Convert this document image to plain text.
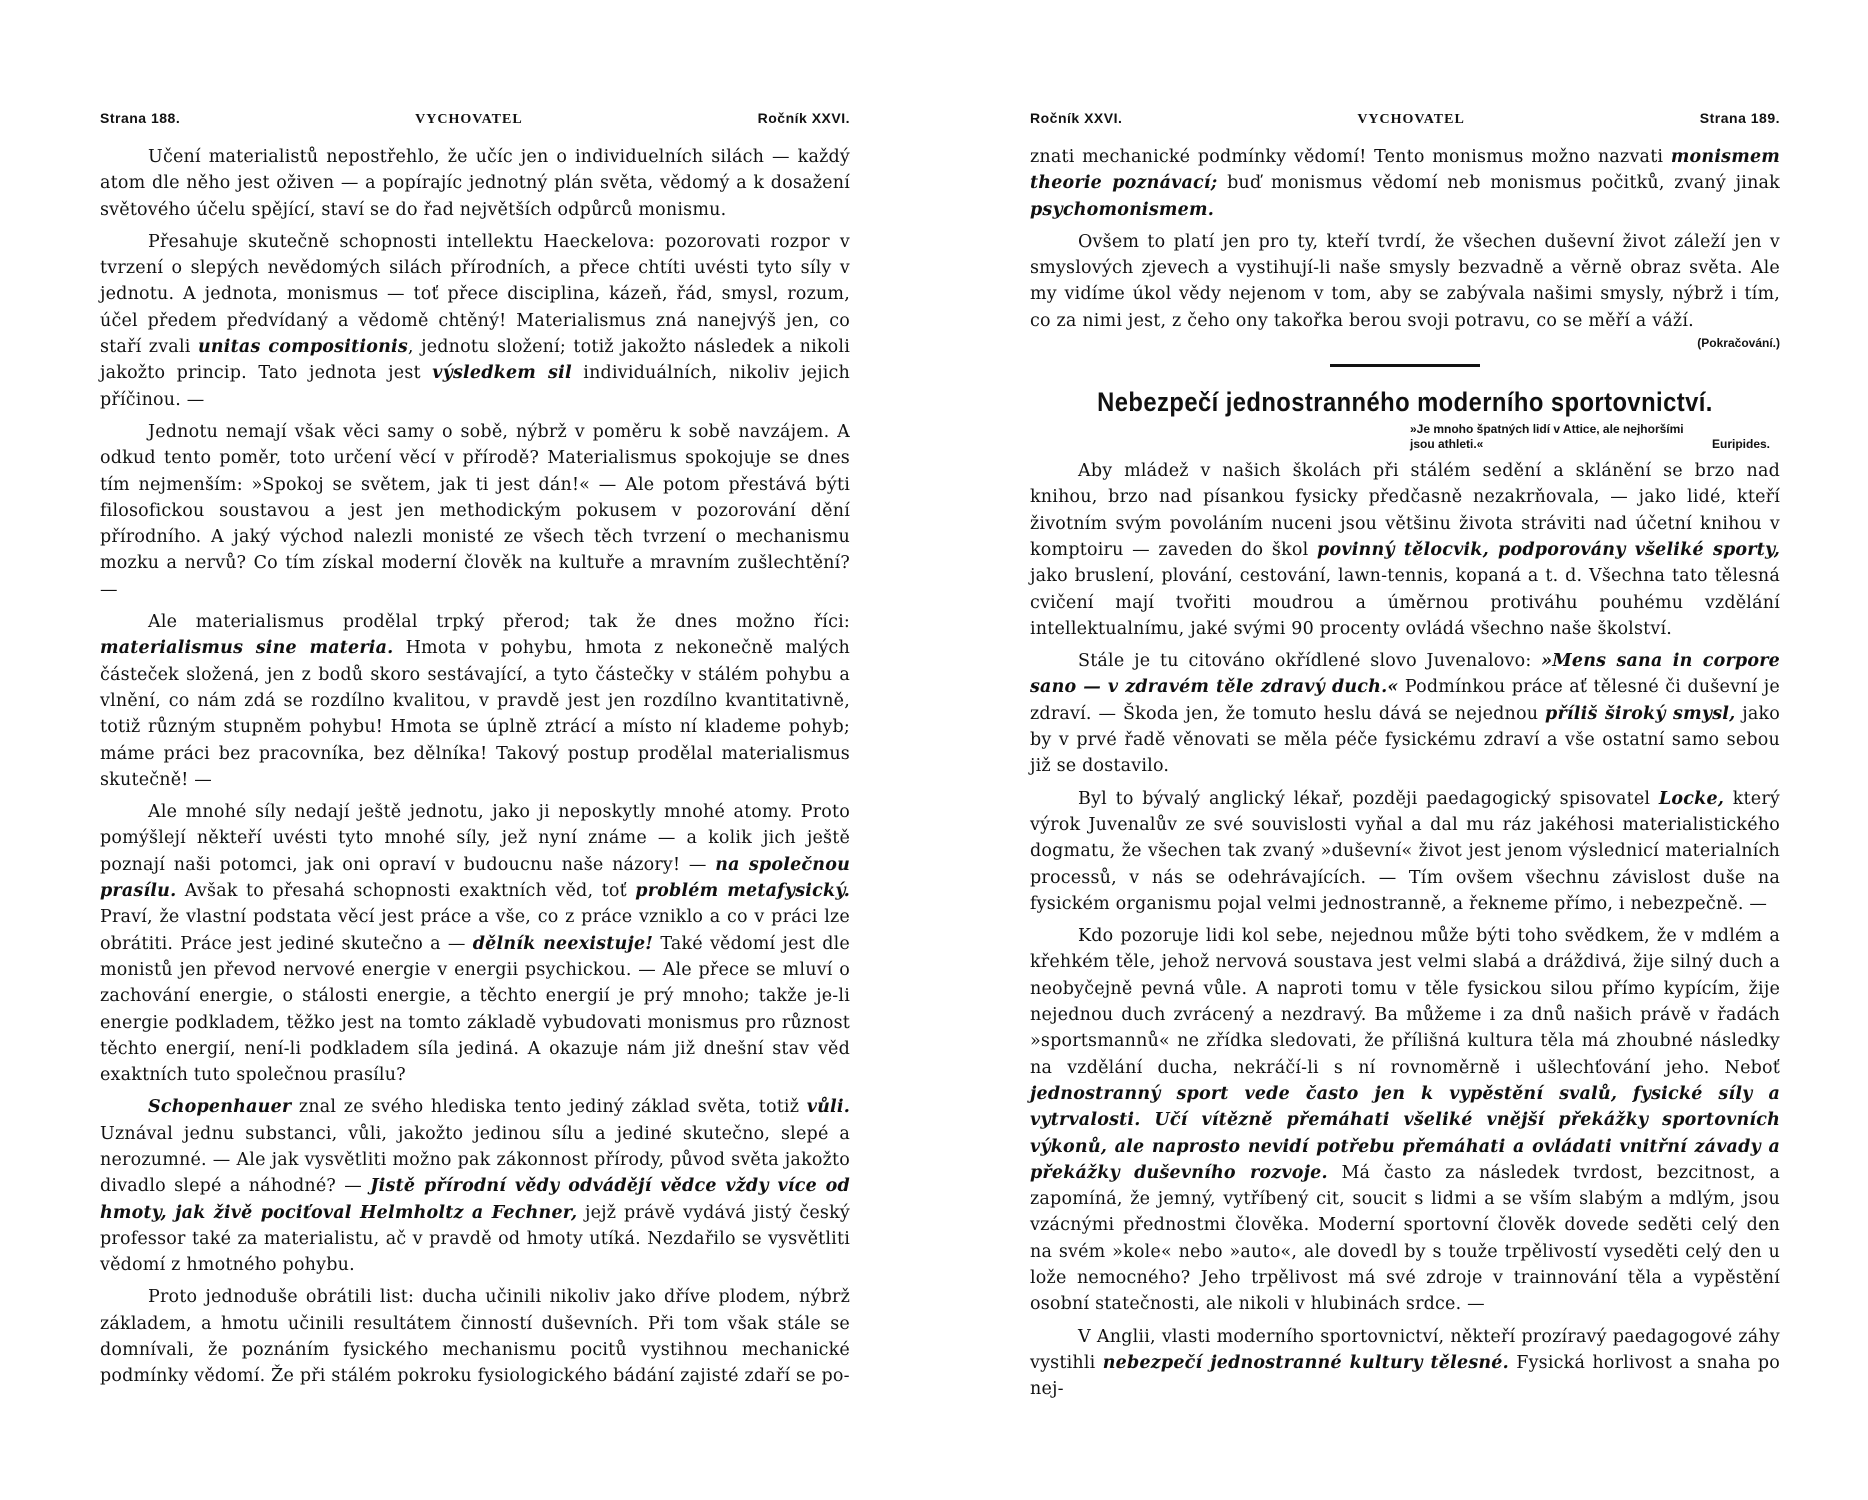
Strana 188.	VYCHOVATEL	Ročník XXVI.

Učení materialistů nepostřehlo, že učíc jen o individuelních silách — každý atom dle něho jest oživen — a popírajíc jednotný plán světa, vědomý a k dosažení světového účelu spějící, staví se do řad největších odpůrců monismu.

Přesahuje skutečně schopnosti intellektu Haeckelova: pozorovati rozpor v tvrzení o slepých nevědomých silách přírodních, a přece chtíti uvésti tyto síly v jednotu. A jednota, monismus — toť přece disciplina, kázeň, řád, smysl, rozum, účel předem předvídaný a vědomě chtěný! Materialismus zná nanejvýš jen, co staří zvali unitas compositionis, jednotu složení; totiž jakožto následek a nikoli jakožto princip. Tato jednota jest výsledkem sil individuálních, nikoliv jejich příčinou. —

Jednotu nemají však věci samy o sobě, nýbrž v poměru k sobě navzájem. A odkud tento poměr, toto určení věcí v přírodě? Materialismus spokojuje se dnes tím nejmenším: »Spokoj se světem, jak ti jest dán!« — Ale potom přestává býti filosofickou soustavou a jest jen methodickým pokusem v pozorování dění přírodního. A jaký východ nalezli monisté ze všech těch tvrzení o mechanismu mozku a nervů? Co tím získal moderní člověk na kultuře a mravním zušlechtění? —

Ale materialismus prodělal trpký přerod; tak že dnes možno říci: materialismus sine materia. Hmota v pohybu, hmota z nekonečně malých částeček složená, jen z bodů skoro sestávající, a tyto částečky v stálém pohybu a vlnění, co nám zdá se rozdílno kvalitou, v pravdě jest jen rozdílno kvantitativně, totiž různým stupněm pohybu! Hmota se úplně ztrácí a místo ní klademe pohyb; máme práci bez pracovníka, bez dělníka! Takový postup prodělal materialismus skutečně! —

Ale mnohé síly nedají ještě jednotu, jako ji neposkytly mnohé atomy. Proto pomýšlejí někteří uvésti tyto mnohé síly, jež nyní známe — a kolik jich ještě poznají naši potomci, jak oni opraví v budoucnu naše názory! — na společnou prasílu. Avšak to přesahá schopnosti exaktních věd, toť problém metafysický. Praví, že vlastní podstata věcí jest práce a vše, co z práce vzniklo a co v práci lze obrátiti. Práce jest jediné skutečno a — dělník neexistuje! Také vědomí jest dle monistů jen převod nervové energie v energii psychickou. — Ale přece se mluví o zachování energie, o stálosti energie, a těchto energií je prý mnoho; takže je-li energie podkladem, těžko jest na tomto základě vybudovati monismus pro různost těchto energií, není-li podkladem síla jediná. A okazuje nám již dnešní stav věd exaktních tuto společnou prasílu?

Schopenhauer znal ze svého hlediska tento jediný základ světa, totiž vůli. Uznával jednu substanci, vůli, jakožto jedinou sílu a jediné skutečno, slepé a nerozumné. — Ale jak vysvětliti možno pak zákonnost přírody, původ světa jakožto divadlo slepé a náhodné? — Jistě přírodní vědy odvádějí vědce vždy více od hmoty, jak živě pociťoval Helmholtz a Fechner, jejž právě vydává jistý český professor také za materialistu, ač v pravdě od hmoty utíká. Nezdařilo se vysvětliti vědomí z hmotného pohybu.

Proto jednoduše obrátili list: ducha učinili nikoliv jako dříve plodem, nýbrž základem, a hmotu učinili resultátem činností duševních. Při tom však stále se domnívali, že poznáním fysického mechanismu pocitů vystihnou mechanické podmínky vědomí. Že při stálém pokroku fysiologického bádání zajisté zdaří se po-

Ročník XXVI.	VYCHOVATEL	Strana 189.

znati mechanické podmínky vědomí! Tento monismus možno nazvati monismem theorie poznávací; buď monismus vědomí neb monismus počitků, zvaný jinak psychomonismem.

Ovšem to platí jen pro ty, kteří tvrdí, že všechen duševní život záleží jen v smyslových zjevech a vystihují-li naše smysly bezvadně a věrně obraz světa. Ale my vidíme úkol vědy nejenom v tom, aby se zabývala našimi smysly, nýbrž i tím, co za nimi jest, z čeho ony takořka berou svoji potravu, co se měří a váží.

(Pokračování.)
Nebezpečí jednostranného moderního sportovnictví.
»Je mnoho špatných lidí v Attice, ale nejhoršími jsou athleti.«	Euripides.

Aby mládež v našich školách při stálém sedění a sklánění se brzo nad knihou, brzo nad písankou fysicky předčasně nezakrňovala, — jako lidé, kteří životním svým povoláním nuceni jsou většinu života stráviti nad účetní knihou v komptoiru — zaveden do škol povinný tělocvik, podporovány všeliké sporty, jako bruslení, plování, cestování, lawn-tennis, kopaná a t. d. Všechna tato tělesná cvičení mají tvořiti moudrou a úměrnou protiváhu pouhému vzdělání intellektualnímu, jaké svými 90 procenty ovládá všechno naše školství.

Stále je tu citováno okřídlené slovo Juvenalovo: »Mens sana in corpore sano — v zdravém těle zdravý duch.« Podmínkou práce ať tělesné či duševní je zdraví. — Škoda jen, že tomuto heslu dává se nejednou příliš široký smysl, jako by v prvé řadě věnovati se měla péče fysickému zdraví a vše ostatní samo sebou již se dostavilo.

Byl to bývalý anglický lékař, později paedagogický spisovatel Locke, který výrok Juvenalův ze své souvislosti vyňal a dal mu ráz jakéhosi materialistického dogmatu, že všechen tak zvaný »duševní« život jest jenom výslednicí materialních processů, v nás se odehrávajících. — Tím ovšem všechnu závislost duše na fysickém organismu pojal velmi jednostranně, a řekneme přímo, i nebezpečně. —

Kdo pozoruje lidi kol sebe, nejednou může býti toho svědkem, že v mdlém a křehkém těle, jehož nervová soustava jest velmi slabá a dráždivá, žije silný duch a neobyčejně pevná vůle. A naproti tomu v těle fysickou silou přímo kypícím, žije nejednou duch zvrácený a nezdravý. Ba můžeme i za dnů našich právě v řadách »sportsmannů« ne zřídka sledovati, že přílišná kultura těla má zhoubné následky na vzdělání ducha, nekráčí-li s ní rovnoměrně i ušlechťování jeho. Neboť jednostranný sport vede často jen k vypěstění svalů, fysické síly a vytrvalosti. Učí vítězně přemáhati všeliké vnější překážky sportovních výkonů, ale naprosto nevidí potřebu přemáhati a ovládati vnitřní závady a překážky duševního rozvoje. Má často za následek tvrdost, bezcitnost, a zapomíná, že jemný, vytříbený cit, soucit s lidmi a se vším slabým a mdlým, jsou vzácnými přednostmi člověka. Moderní sportovní člověk dovede seděti celý den na svém »kole« nebo »auto«, ale dovedl by s touže trpělivostí vyseděti celý den u lože nemocného? Jeho trpělivost má své zdroje v trainnování těla a vypěstění osobní statečnosti, ale nikoli v hlubinách srdce. —

V Anglii, vlasti moderního sportovnictví, někteří prozíravý paedagogové záhy vystihli nebezpečí jednostranné kultury tělesné. Fysická horlivost a snaha po nej-
